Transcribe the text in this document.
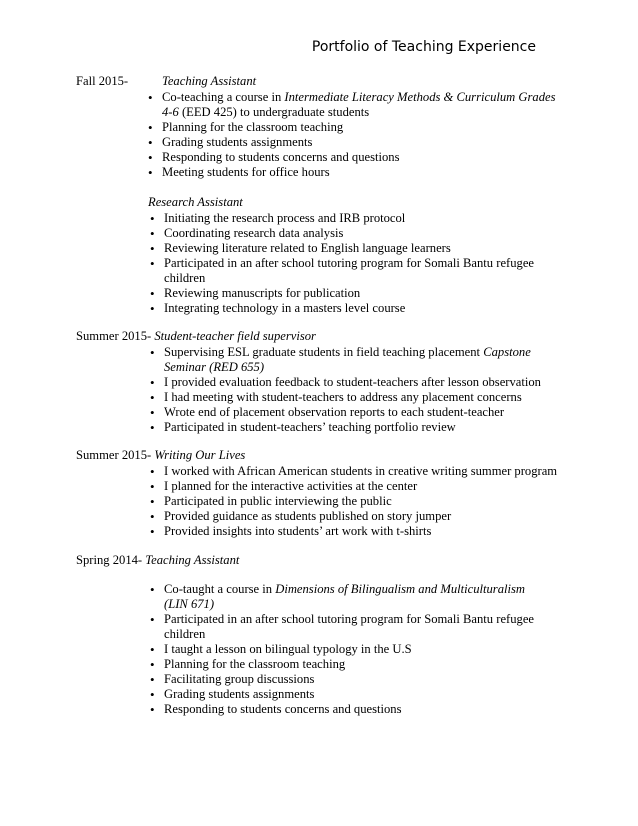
Portfolio of Teaching Experience
Fall 2015-	Teaching Assistant
• Co-teaching a course in Intermediate Literacy Methods & Curriculum Grades 4-6 (EED 425) to undergraduate students
• Planning for the classroom teaching
• Grading students assignments
• Responding to students concerns and questions
• Meeting students for office hours
Research Assistant
• Initiating the research process and IRB protocol
• Coordinating research data analysis
• Reviewing literature related to English language learners
• Participated in an after school tutoring program for Somali Bantu refugee children
• Reviewing manuscripts for publication
• Integrating technology in a masters level course
Summer 2015- Student-teacher field supervisor
• Supervising ESL graduate students in field teaching placement Capstone Seminar (RED 655)
• I provided evaluation feedback to student-teachers after lesson observation
• I had meeting with student-teachers to address any placement concerns
• Wrote end of placement observation reports to each student-teacher
• Participated in student-teachers’ teaching portfolio review
Summer 2015- Writing Our Lives
• I worked with African American students in creative writing summer program
• I planned for the interactive activities at the center
• Participated in public interviewing the public
• Provided guidance as students published on story jumper
• Provided insights into students’ art work with t-shirts
Spring 2014- Teaching Assistant
• Co-taught a course in Dimensions of Bilingualism and Multiculturalism (LIN 671)
• Participated in an after school tutoring program for Somali Bantu refugee children
• I taught a lesson on bilingual typology in the U.S
• Planning for the classroom teaching
• Facilitating group discussions
• Grading students assignments
• Responding to students concerns and questions
